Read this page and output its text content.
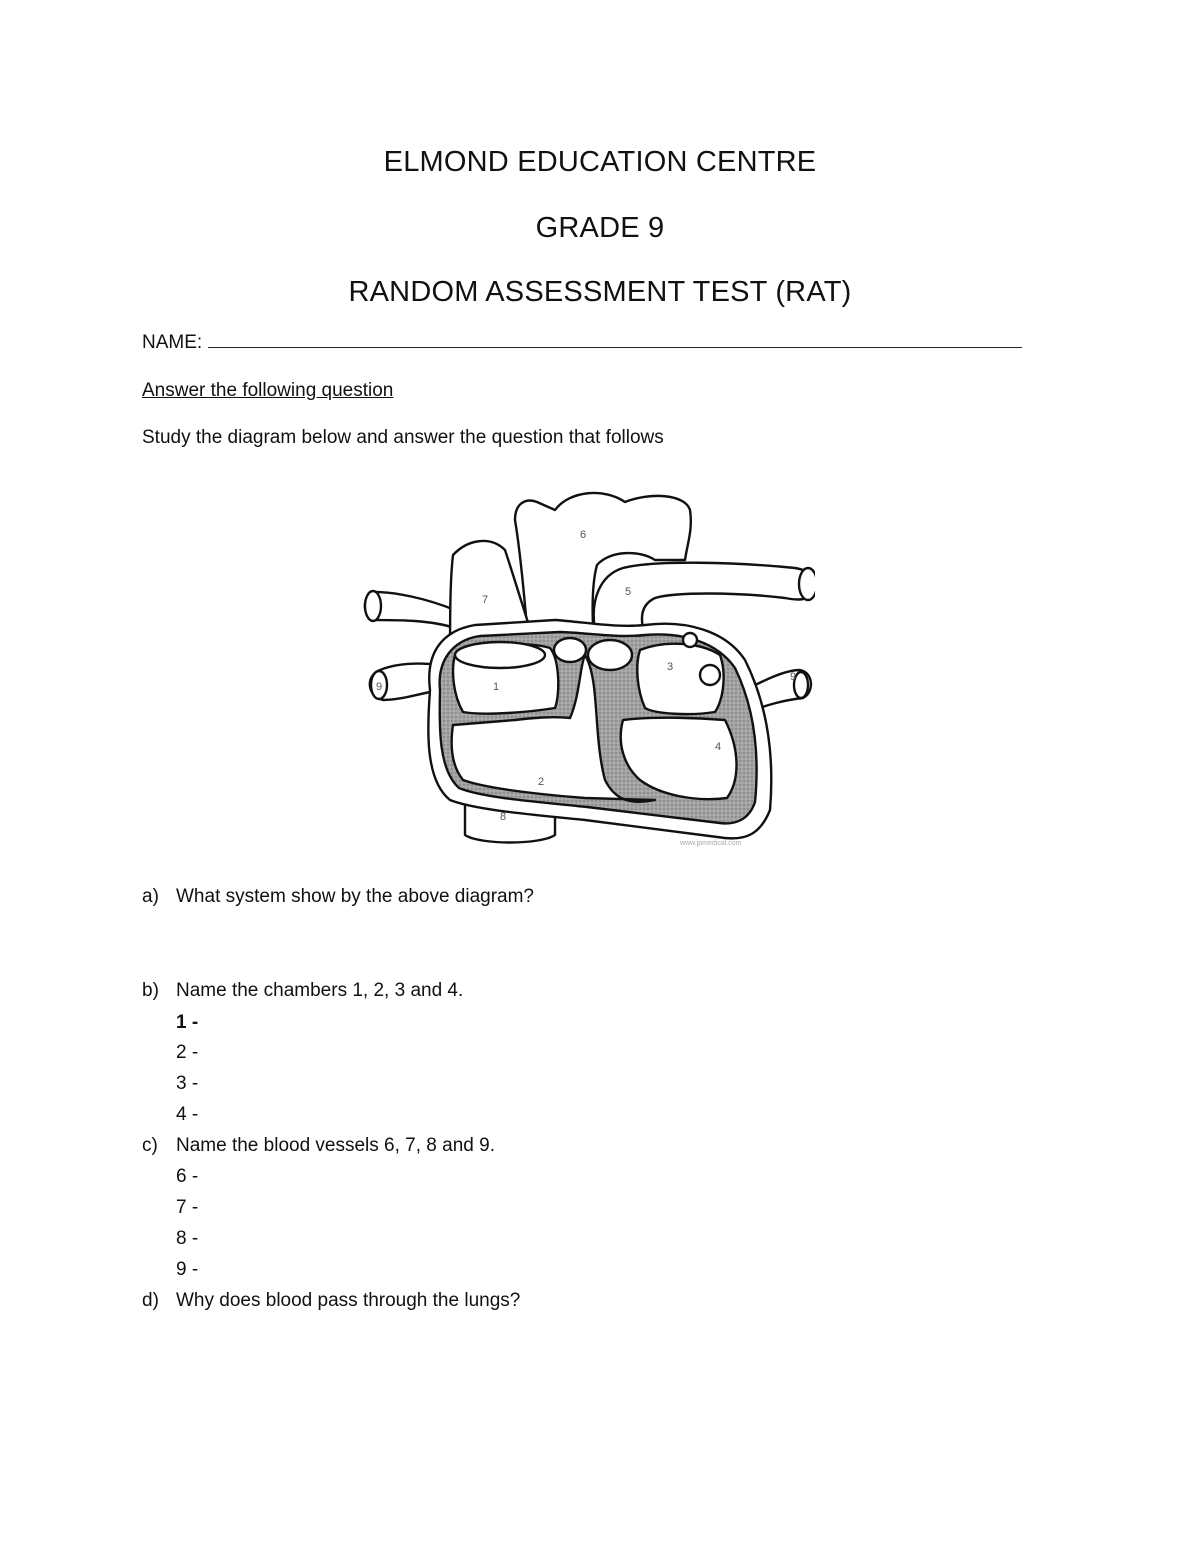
ELMOND EDUCATION CENTRE
GRADE 9
RANDOM ASSESSMENT TEST (RAT)
NAME:
Answer the following question
Study the diagram below and answer the question that follows
1
2
3
4
5
6
7
8
9
9
www.jpmedical.com
a) What system show by the above diagram?
b) Name the chambers 1, 2, 3 and 4.
1 -
2 -
3 -
4 -
c) Name the blood vessels 6, 7, 8 and 9.
6 -
7 -
8 -
9 -
d) Why does blood pass through the lungs?
